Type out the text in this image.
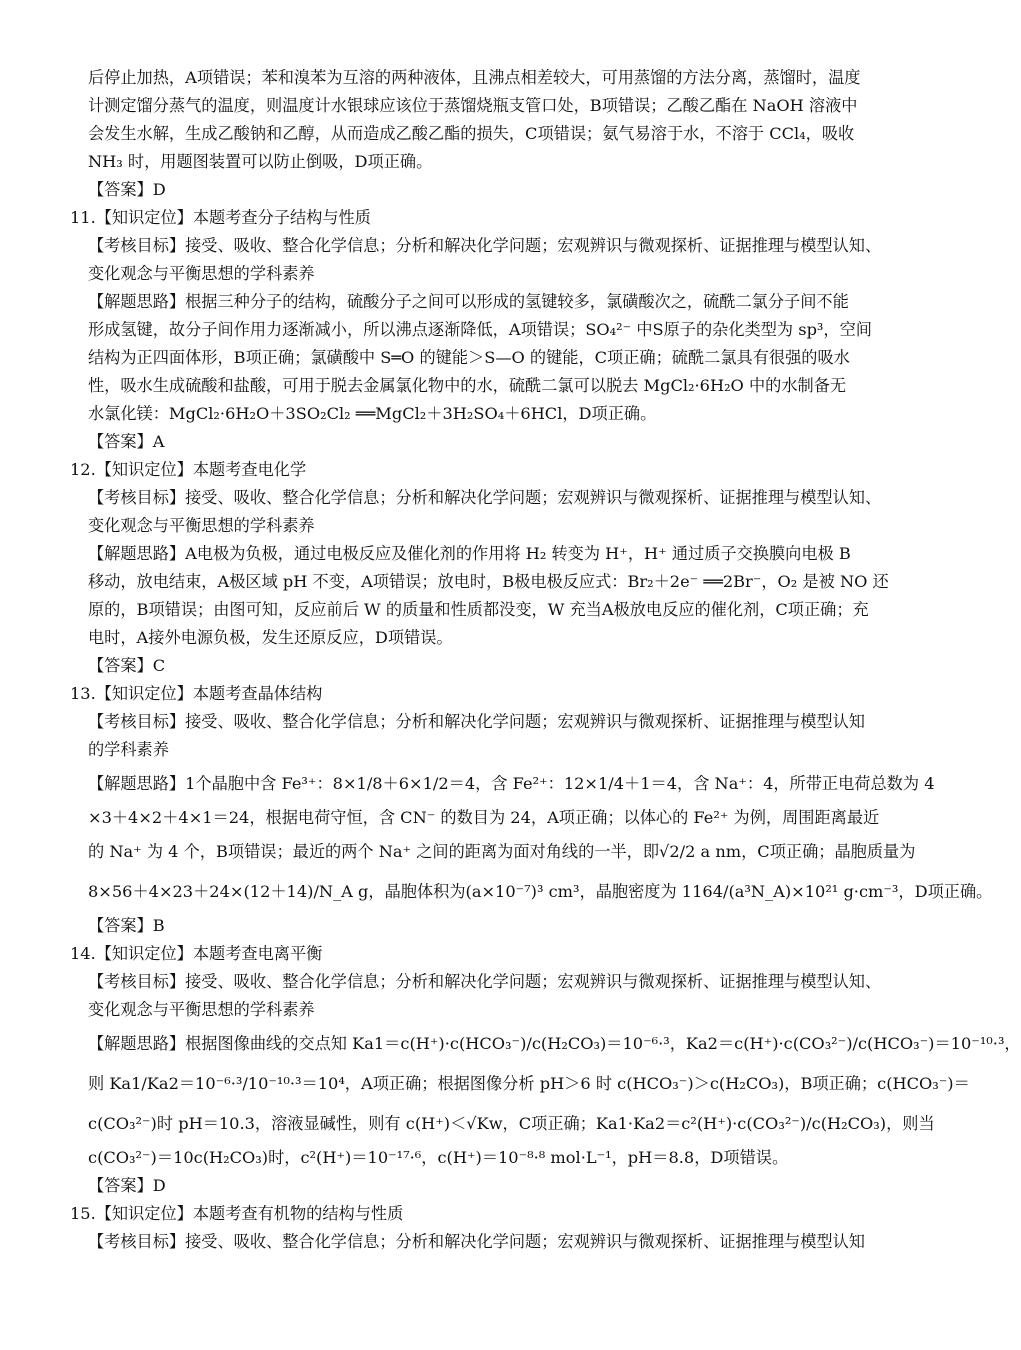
后停止加热，A项错误；苯和溴苯为互溶的两种液体，且沸点相差较大，可用蒸馏的方法分离，蒸馏时，温度
计测定馏分蒸气的温度，则温度计水银球应该位于蒸馏烧瓶支管口处，B项错误；乙酸乙酯在 NaOH 溶液中
会发生水解，生成乙酸钠和乙醇，从而造成乙酸乙酯的损失，C项错误；氨气易溶于水，不溶于 CCl₄，吸收
NH₃ 时，用题图装置可以防止倒吸，D项正确。
【答案】D
11.【知识定位】本题考查分子结构与性质
【考核目标】接受、吸收、整合化学信息；分析和解决化学问题；宏观辨识与微观探析、证据推理与模型认知、
变化观念与平衡思想的学科素养
【解题思路】根据三种分子的结构，硫酸分子之间可以形成的氢键较多，氯磺酸次之，硫酰二氯分子间不能
形成氢键，故分子间作用力逐渐减小，所以沸点逐渐降低，A项错误；SO₄²⁻ 中S原子的杂化类型为 sp³，空间
结构为正四面体形，B项正确；氯磺酸中 S═O 的键能＞S—O 的键能，C项正确；硫酰二氯具有很强的吸水
性，吸水生成硫酸和盐酸，可用于脱去金属氯化物中的水，硫酰二氯可以脱去 MgCl₂·6H₂O 中的水制备无
水氯化镁：MgCl₂·6H₂O＋3SO₂Cl₂ ══MgCl₂＋3H₂SO₄＋6HCl，D项正确。
【答案】A
12.【知识定位】本题考查电化学
【考核目标】接受、吸收、整合化学信息；分析和解决化学问题；宏观辨识与微观探析、证据推理与模型认知、
变化观念与平衡思想的学科素养
【解题思路】A电极为负极，通过电极反应及催化剂的作用将 H₂ 转变为 H⁺，H⁺ 通过质子交换膜向电极 B
移动，放电结束，A极区域 pH 不变，A项错误；放电时，B极电极反应式：Br₂＋2e⁻ ══2Br⁻，O₂ 是被 NO 还
原的，B项错误；由图可知，反应前后 W 的质量和性质都没变，W 充当A极放电反应的催化剂，C项正确；充
电时，A接外电源负极，发生还原反应，D项错误。
【答案】C
13.【知识定位】本题考查晶体结构
【考核目标】接受、吸收、整合化学信息；分析和解决化学问题；宏观辨识与微观探析、证据推理与模型认知
的学科素养
【解题思路】1个晶胞中含 Fe³⁺：8×1/8＋6×1/2＝4，含 Fe²⁺：12×1/4＋1＝4，含 Na⁺：4，所带正电荷总数为 4
×3＋4×2＋4×1＝24，根据电荷守恒，含 CN⁻ 的数目为 24，A项正确；以体心的 Fe²⁺ 为例，周围距离最近
的 Na⁺ 为 4 个，B项错误；最近的两个 Na⁺ 之间的距离为面对角线的一半，即√2/2 a nm，C项正确；晶胞质量为
8×56＋4×23＋24×(12＋14)/N_A g，晶胞体积为(a×10⁻⁷)³ cm³，晶胞密度为 1164/(a³N_A)×10²¹ g·cm⁻³，D项正确。
【答案】B
14.【知识定位】本题考查电离平衡
【考核目标】接受、吸收、整合化学信息；分析和解决化学问题；宏观辨识与微观探析、证据推理与模型认知、
变化观念与平衡思想的学科素养
【解题思路】根据图像曲线的交点知 Ka1＝c(H⁺)·c(HCO₃⁻)/c(H₂CO₃)＝10⁻⁶·³，Ka2＝c(H⁺)·c(CO₃²⁻)/c(HCO₃⁻)＝10⁻¹⁰·³，
则 Ka1/Ka2＝10⁻⁶·³/10⁻¹⁰·³＝10⁴，A项正确；根据图像分析 pH＞6 时 c(HCO₃⁻)＞c(H₂CO₃)，B项正确；c(HCO₃⁻)＝
c(CO₃²⁻)时 pH＝10.3，溶液显碱性，则有 c(H⁺)＜√Kw，C项正确；Ka1·Ka2＝c²(H⁺)·c(CO₃²⁻)/c(H₂CO₃)，则当
c(CO₃²⁻)＝10c(H₂CO₃)时，c²(H⁺)＝10⁻¹⁷·⁶，c(H⁺)＝10⁻⁸·⁸ mol·L⁻¹，pH＝8.8，D项错误。
【答案】D
15.【知识定位】本题考查有机物的结构与性质
【考核目标】接受、吸收、整合化学信息；分析和解决化学问题；宏观辨识与微观探析、证据推理与模型认知
